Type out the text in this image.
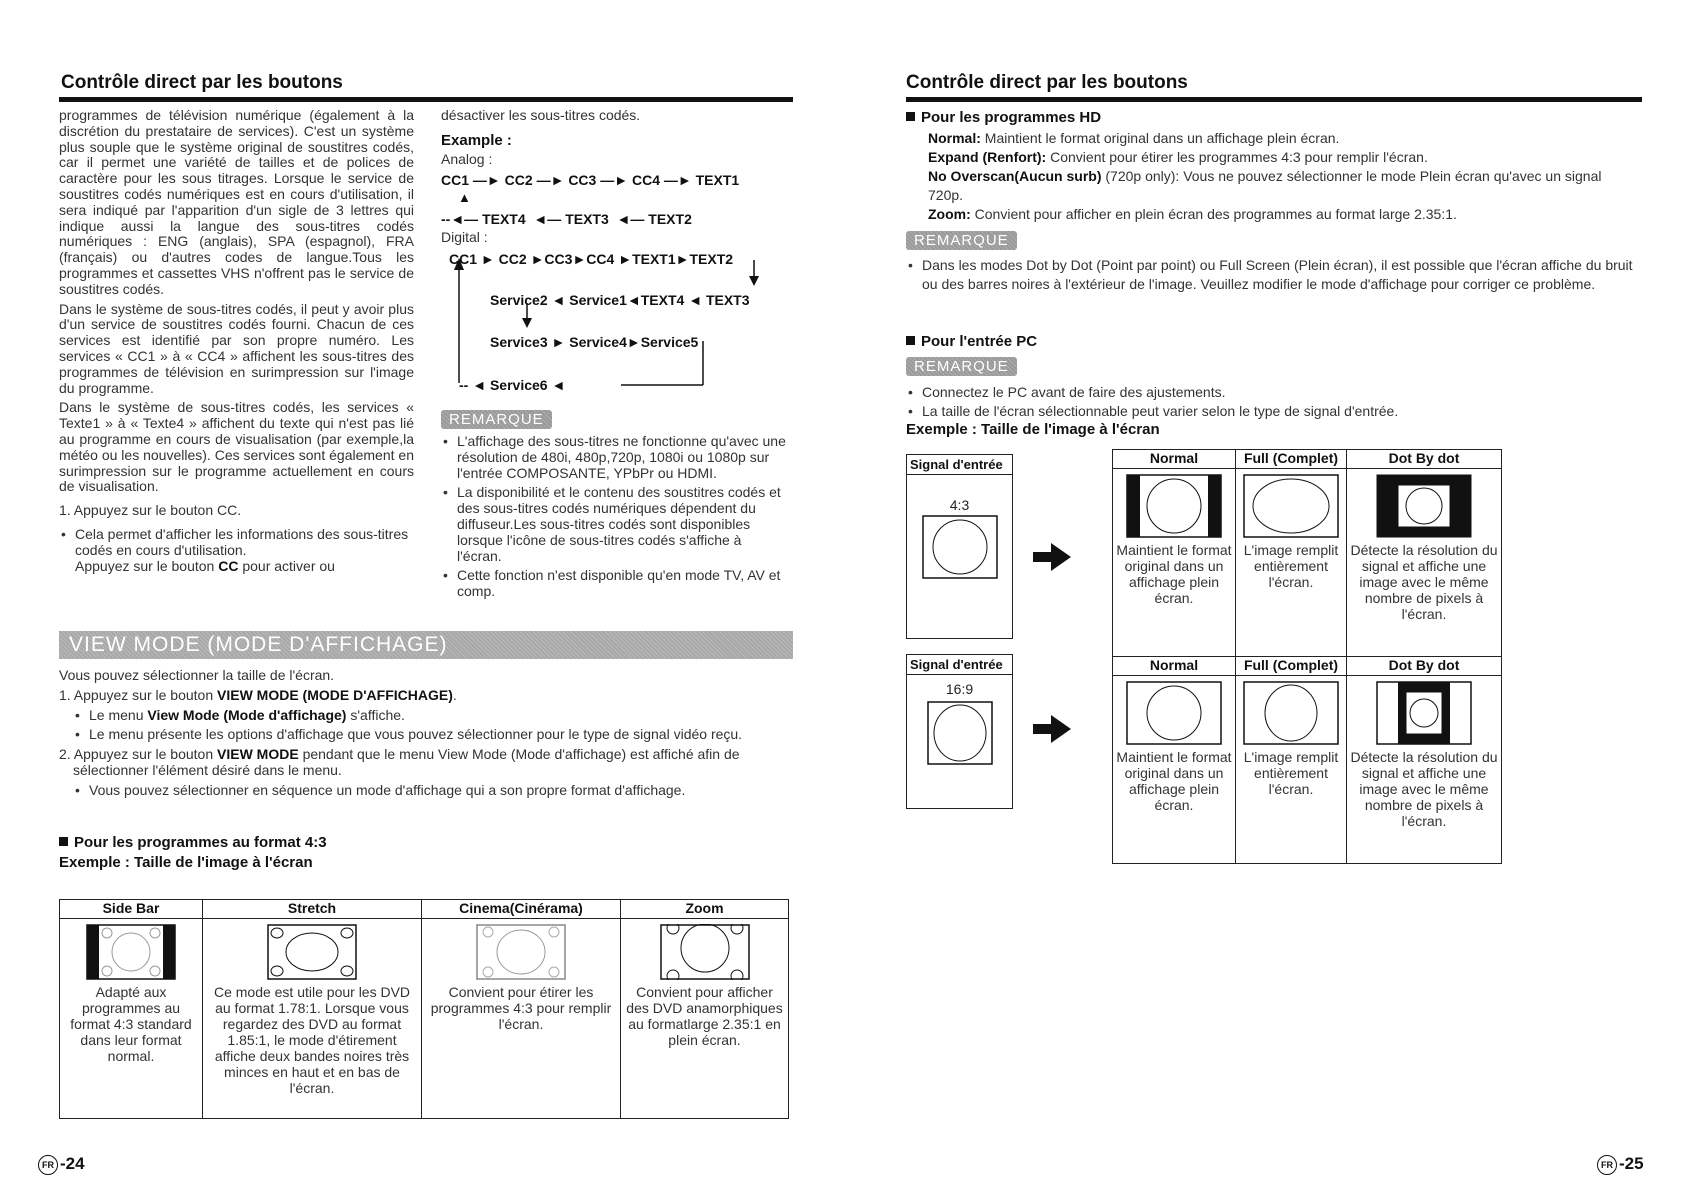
Contrôle direct par les boutons

programmes de télévision numérique (également à la discrétion du prestataire de services). C'est un système plus souple que le système original de soustitres codés, car il permet une variété de tailles et de polices de caractère pour les sous titrages. Lorsque le service de soustitres codés numériques est en cours d'utilisation, il sera indiqué par l'apparition d'un sigle de 3 lettres qui indique aussi la langue des sous-titres codés numériques : ENG (anglais), SPA (espagnol), FRA (français) ou d'autres codes de langue.Tous les programmes et cassettes VHS n'offrent pas le service de soustitres codés.

Dans le système de sous-titres codés, il peut y avoir plus d'un service de soustitres codés fourni. Chacun de ces services est identifié par son propre numéro. Les services « CC1 » à « CC4 » affichent les sous-titres des programmes de télévision en surimpression sur l'image du programme.

Dans le système de sous-titres codés, les services « Texte1 » à « Texte4 » affichent du texte qui n'est pas lié au programme en cours de visualisation (par exemple,la météo ou les nouvelles). Ces services sont également en surimpression sur le programme actuellement en cours de visualisation.

1. Appuyez sur le bouton CC.

• Cela permet d'afficher les informations des sous-titres codés en cours d'utilisation.
Appuyez sur le bouton CC pour activer ou

désactiver les sous-titres codés.
Example :
Analog :
CC1 —► CC2 —► CC3 —► CC4 —► TEXT1
▲
--◄— TEXT4  ◄— TEXT3  ◄— TEXT2
Digital :
CC1 ► CC2 ►CC3►CC4 ►TEXT1►TEXT2
Service2 ◄ Service1◄TEXT4 ◄ TEXT3
Service3 ► Service4►Service5
-- ◄ Service6 ◄
REMARQUE

• L'affichage des sous-titres ne fonctionne qu'avec une résolution de 480i, 480p,720p, 1080i ou 1080p sur l'entrée COMPOSANTE, YPbPr ou HDMI.

• La disponibilité et le contenu des soustitres codés et des sous-titres codés numériques dépendent du diffuseur.Les sous-titres codés sont disponibles lorsque l'icône de sous-titres codés s'affiche à l'écran.

• Cette fonction n'est disponible qu'en mode TV, AV et comp.

VIEW MODE (MODE D'AFFICHAGE)

Vous pouvez sélectionner la taille de l'écran.

1. Appuyez sur le bouton VIEW MODE (MODE D'AFFICHAGE).

• Le menu View Mode (Mode d'affichage) s'affiche.

• Le menu présente les options d'affichage que vous pouvez sélectionner pour le type de signal vidéo reçu.

2. Appuyez sur le bouton VIEW MODE pendant que le menu View Mode (Mode d'affichage) est affiché afin de sélectionner l'élément désiré dans le menu.

• Vous pouvez sélectionner en séquence un mode d'affichage qui a son propre format d'affichage.

Pour les programmes au format 4:3
Exemple : Taille de l'image à l'écran
Side Bar	Stretch	Cinema(Cinérama)	Zoom

Adapté aux programmes au format 4:3 standard dans leur format normal.	Ce mode est utile pour les DVD au format 1.78:1. Lorsque vous regardez des DVD au format 1.85:1, le mode d'étirement affiche deux bandes noires très minces en haut et en bas de l'écran.	Convient pour étirer les programmes 4:3 pour remplir l'écran.	Convient pour afficher des DVD anamorphiques au formatlarge 2.35:1 en plein écran.
FR -24
Contrôle direct par les boutons
Pour les programmes HD
Normal: Maintient le format original dans un affichage plein écran.
Expand (Renfort): Convient pour étirer les programmes 4:3 pour remplir l'écran.
No Overscan(Aucun surb) (720p only): Vous ne pouvez sélectionner le mode Plein écran qu'avec un signal 720p.
Zoom: Convient pour afficher en plein écran des programmes au format large 2.35:1.
REMARQUE

• Dans les modes Dot by Dot (Point par point) ou Full Screen (Plein écran), il est possible que l'écran affiche du bruit ou des barres noires à l'extérieur de l'image. Veuillez modifier le mode d'affichage pour corriger ce problème.

Pour l'entrée PC
REMARQUE

• Connectez le PC avant de faire des ajustements.

• La taille de l'écran sélectionnable peut varier selon le type de signal d'entrée.

Exemple : Taille de l'image à l'écran
Signal d'entrée
4:3
Normal	Full (Complet)	Dot By dot

Maintient le format original dans un affichage plein écran.	L'image remplit entièrement l'écran.	Détecte la résolution du signal et affiche une image avec le même nombre de pixels à l'écran.
Signal d'entrée
16:9
Normal	Full (Complet)	Dot By dot

Maintient le format original dans un affichage plein écran.	L'image remplit entièrement l'écran.	Détecte la résolution du signal et affiche une image avec le même nombre de pixels à l'écran.
FR -25
